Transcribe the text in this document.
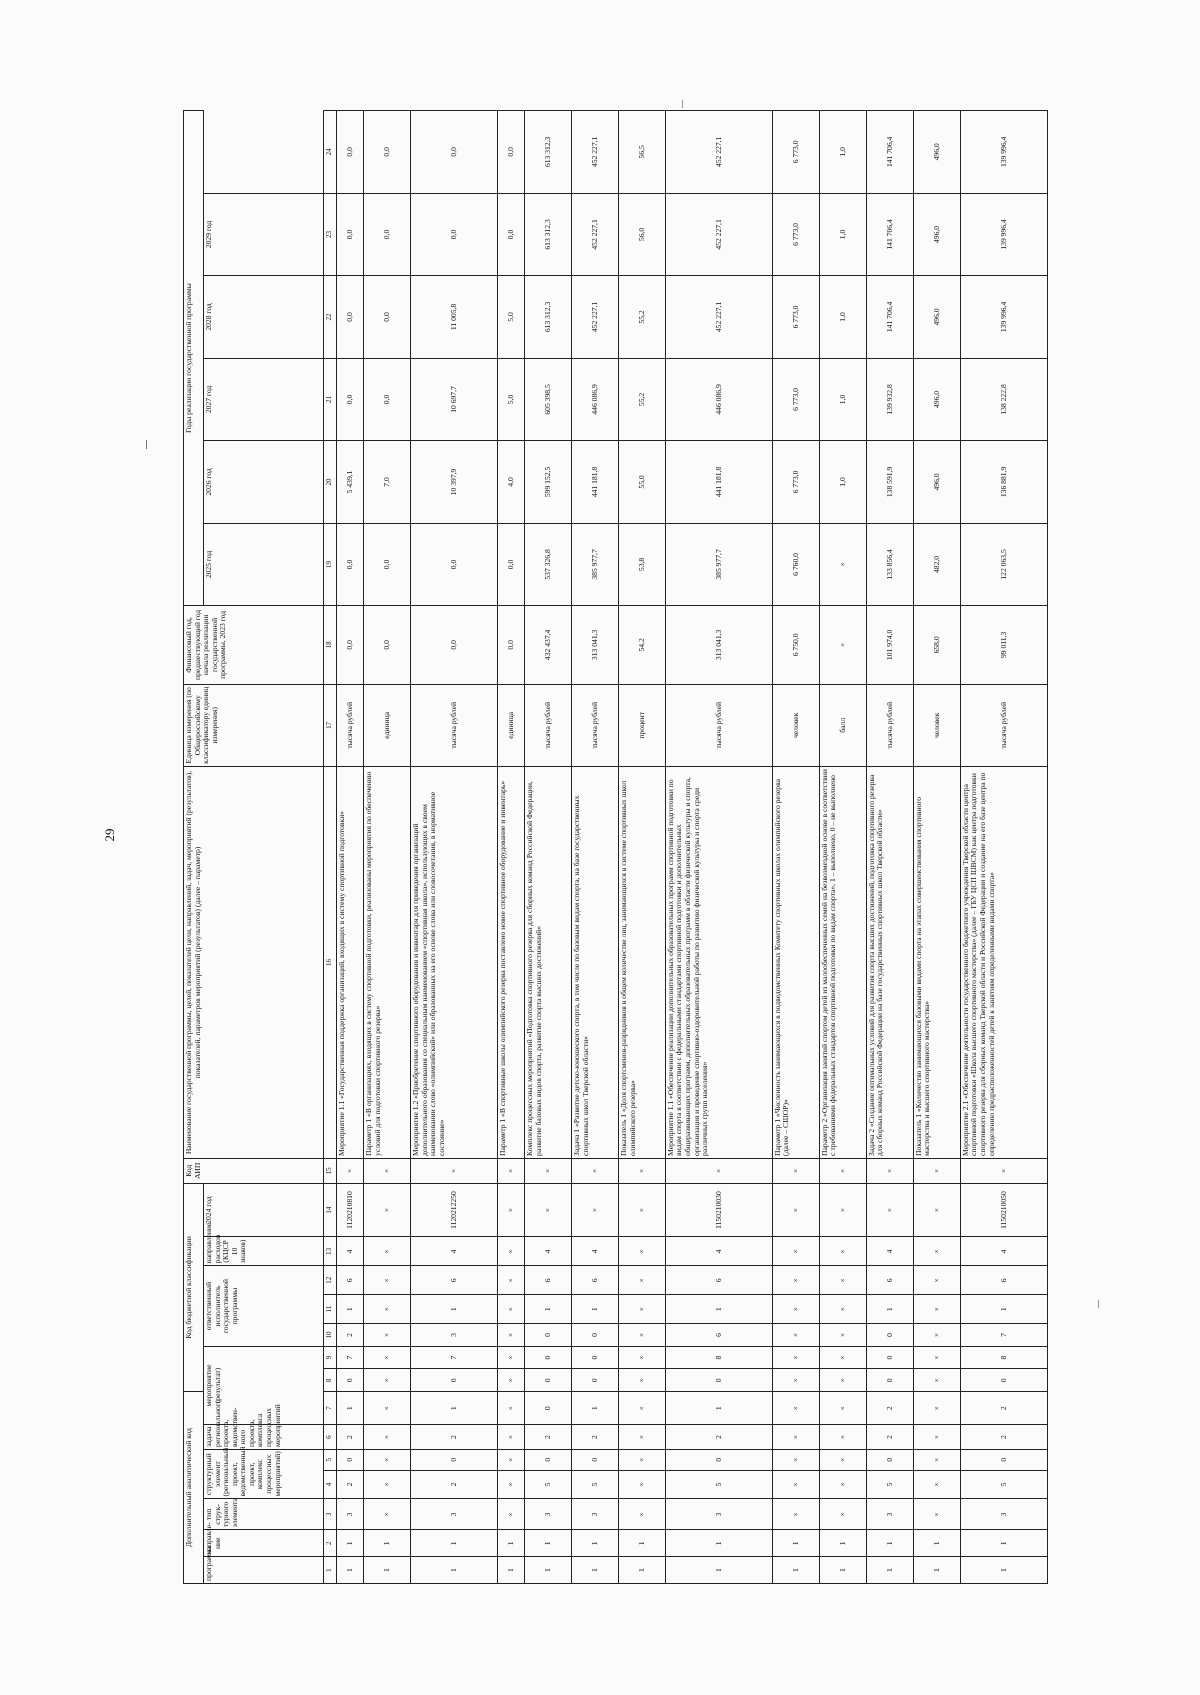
29
Дополнительный аналитический код							Код бюджетной классификации							Код АИП	Наименование государственной программы, целей, показателей цели, направлений, задач, мероприятий (результатов), показателей, параметров мероприятий (результатов) (далее – параметр)	Единица измерения (по Общероссийскому классификатору единиц измерения)	Финансовый год, предшествующий год начала реализации государственной программы, 2023 год	Годы реализации государственной программы					
программа	направле-ние	тип струк-турного элемента	структурный элемент (региональный проект, ведомственный проект, комплекс процессных мероприятий)		задача регионального проекта, ведомствен-ного проекта, комплекса процессных мероприятий	мероприятие (результат)			ответственный исполнитель государственной программы			направление расходов (КЦСР 10 знаков)	2024 год					2025 год	2026 год	2027 год	2028 год	2029 год	

1	2	3	4	5	6	7	8	9	10	11	12	13	14	15	16	17	18	19	20	21	22	23	24
1	1	3	2	0	2	1	0	7	2	1	6	4	1120210810	×	Мероприятие 1.1 «Государственная поддержка организаций, входящих в систему спортивной подготовки»	тысяча рублей	0,0	0,0	5 439,1	0,0	0,0	0,0	0,0
1	1	×	×	×	×	×	×	×	×	×	×	×	×	×	Параметр 1 «В организациях, входящих в систему спортивной подготовки, реализованы мероприятия по обеспечению условий для подготовки спортивного резерва»	единица	0,0	0,0	7,0	0,0	0,0	0,0	0,0
1	1	3	2	0	2	1	0	7	3	1	6	4	1120212250	×	Мероприятие 1.2 «Приобретение спортивного оборудования и инвентаря для приведения организаций дополнительного образования со специальным наименованием «спортивная школа», использующих в своем наименовании слово «олимпийский» или образованных на его основе слова или словосочетания, в нормативное состояние»	тысяча рублей	0,0	0,0	10 397,9	10 697,7	11 005,8	0,0	0,0
1	1	×	×	×	×	×	×	×	×	×	×	×	×	×	Параметр 1 «В спортивные школы олимпийского резерва поставлено новое спортивное оборудование и инвентарь»	единица	0,0	0,0	4,0	5,0	5,0	0,0	0,0
1	1	3	5	0	2	0	0	0	0	1	6	4	×	×	Комплекс процессных мероприятий «Подготовка спортивного резерва для сборных команд Российской Федерации, развитие базовых видов спорта, развитие спорта высших достижений»	тысяча рублей	432 437,4	537 326,8	599 152,5	605 398,5	613 312,3	613 312,3	613 312,3
1	1	3	5	0	2	1	0	0	0	1	6	4	×	×	Задача 1 «Развитие детско-юношеского спорта, в том числе по базовым видам спорта, на базе государственных спортивных школ Тверской области»	тысяча рублей	313 041,3	385 977,7	441 181,8	446 086,9	452 227,1	452 227,1	452 227,1
1	1	×	×	×	×	×	×	×	×	×	×	×	×	×	Показатель 1 «Доля спортсменов-разрядников в общем количестве лиц, занимающихся в системе спортивных школ олимпийского резерва»	процент	54,2	53,8	55,0	55,2	55,2	56,0	56,5
1	1	3	5	0	2	1	0	8	6	1	6	4	1150210030	×	Мероприятие 1.1 «Обеспечение реализации дополнительных образовательных программ спортивной подготовки по видам спорта в соответствии с федеральными стандартами спортивной подготовки и дополнительных общеразвивающих программ, дополнительных образовательных программ в области физической культуры и спорта, организация и проведение спортивно-оздоровительной работы по развитию физической культуры и спорта среди различных групп населения»	тысяча рублей	313 041,3	385 977,7	441 181,8	446 086,9	452 227,1	452 227,1	452 227,1
1	1	×	×	×	×	×	×	×	×	×	×	×	×	×	Параметр 1 «Численность занимающихся в подведомственных Комитету спортивных школах олимпийского резерва (далее – СШОР)»	человек	6 750,0	6 760,0	6 773,0	6 773,0	6 773,0	6 773,0	6 773,0
1	1	×	×	×	×	×	×	×	×	×	×	×	×	×	Параметр 2 «Организация занятий спортом детей из малообеспеченных семей на безвозмездной основе в соответствии с требованиями федеральных стандартов спортивной подготовки по видам спорта», 1 – выполнено, 0 – не выполнено	балл	×	×	1,0	1,0	1,0	1,0	1,0
1	1	3	5	0	2	2	0	0	0	1	6	4	×	×	Задача 2 «Создание оптимальных условий для развития спорта высших достижений, подготовка спортивного резерва для сборных команд Российской Федерации на базе государственных спортивных школ Тверской области»	тысяча рублей	101 974,0	133 856,4	138 591,9	139 932,8	141 706,4	141 706,4	141 706,4
1	1	×	×	×	×	×	×	×	×	×	×	×	×	×	Показатель 1 «Количество занимающихся базовыми видами спорта на этапах совершенствования спортивного мастерства и высшего спортивного мастерства»	человек	658,0	482,0	496,0	496,0	496,0	496,0	496,0
1	1	3	5	0	2	2	0	8	7	1	6	4	1150210050	×	Мероприятие 2.1 «Обеспечение деятельности государственного бюджетного учреждения Тверской области центра спортивной подготовки «Школа высшего спортивного мастерства» (далее – ГБУ ЦСП ШВСМ) как центра подготовки спортивного резерва для сборных команд Тверской области и Российской Федерации и создание на его базе центра по определению предрасположенностей детей к занятиям определенными видами спорта»	тысяча рублей	99 011,3	122 063,5	136 881,9	138 222,8	139 996,4	139 996,4	139 996,4
